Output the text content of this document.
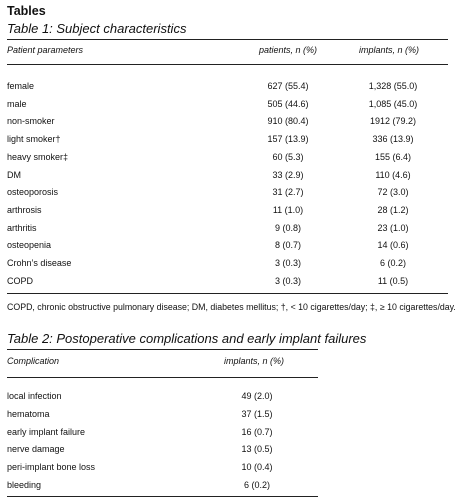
Tables
Table 1: Subject characteristics
Patient parameters	patients, n (%)	implants, n (%)
female	627 (55.4)	1,328 (55.0)
male	505 (44.6)	1,085 (45.0)
non-smoker	910 (80.4)	1912 (79.2)
light smoker†	157 (13.9)	336 (13.9)
heavy smoker‡	60 (5.3)	155 (6.4)
DM	33 (2.9)	110 (4.6)
osteoporosis	31 (2.7)	72 (3.0)
arthrosis	11 (1.0)	28 (1.2)
arthritis	9 (0.8)	23 (1.0)
osteopenia	8 (0.7)	14 (0.6)
Crohn’s disease	3 (0.3)	6 (0.2)
COPD	3 (0.3)	11 (0.5)
COPD, chronic obstructive pulmonary disease; DM, diabetes mellitus; †, < 10 cigarettes/day; ‡, ≥ 10 cigarettes/day.
Table 2: Postoperative complications and early implant failures
Complication	implants, n (%)
local infection	49 (2.0)
hematoma	37 (1.5)
early implant failure	16 (0.7)
nerve damage	13 (0.5)
peri-implant bone loss	10 (0.4)
bleeding	6 (0.2)
